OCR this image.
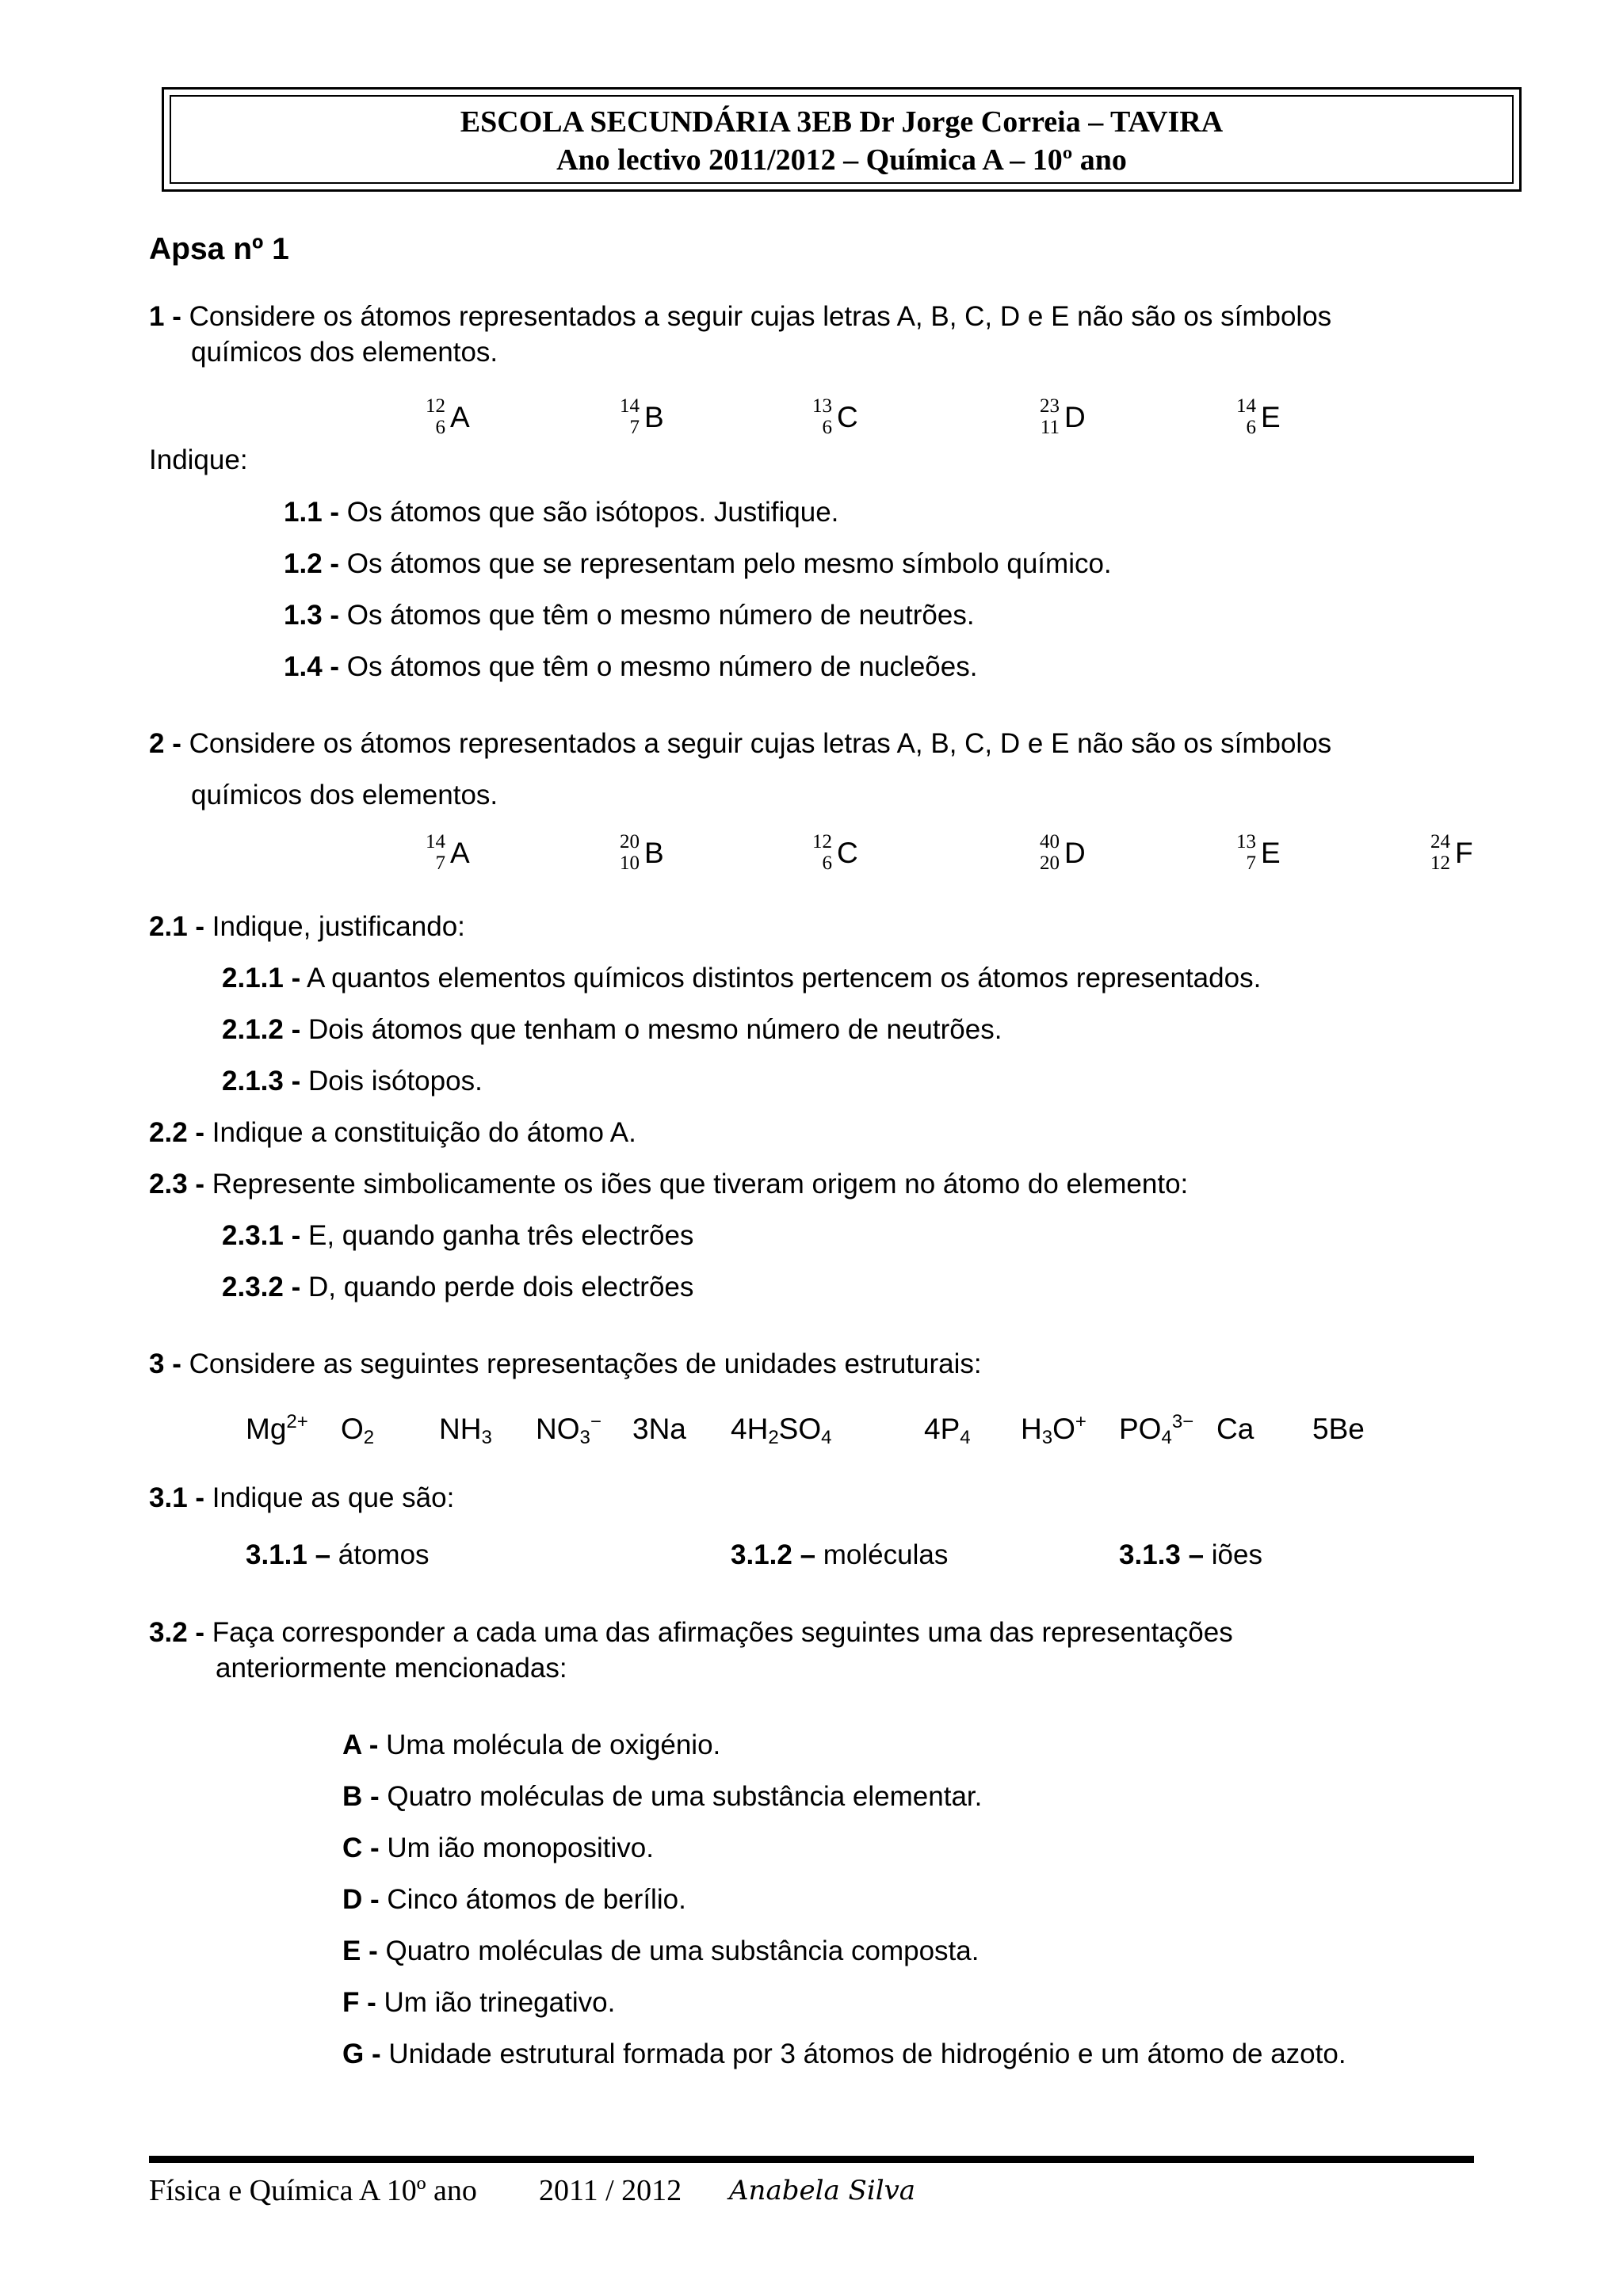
ESCOLA SECUNDÁRIA 3EB Dr Jorge Correia – TAVIRA
Ano lectivo 2011/2012 – Química A – 10º ano
Apsa nº 1
1 - Considere os átomos representados a seguir cujas letras A, B, C, D e E não são os símbolos
químicos dos elementos.
12
6 A	14
7 B	13
6 C	23
11 D	14
6 E
Indique:
1.1 - Os átomos que são isótopos. Justifique.
1.2 - Os átomos que se representam pelo mesmo símbolo químico.
1.3 - Os átomos que têm o mesmo número de neutrões.
1.4 - Os átomos que têm o mesmo número de nucleões.
2 - Considere os átomos representados a seguir cujas letras A, B, C, D e E não são os símbolos
químicos dos elementos.
14
7 A	20
10 B	12
6 C	40
20 D	13
7 E	24
12 F
2.1 - Indique, justificando:
2.1.1 - A quantos elementos químicos distintos pertencem os átomos representados.
2.1.2 - Dois átomos que tenham o mesmo número de neutrões.
2.1.3 - Dois isótopos.
2.2 - Indique a constituição do átomo A.
2.3 - Represente simbolicamente os iões que tiveram origem no átomo do elemento:
2.3.1 - E, quando ganha três electrões
2.3.2 - D, quando perde dois electrões
3 - Considere as seguintes representações de unidades estruturais:
$Mg^{2+}$ $O_2$ $NH_3$ $NO_3^-$ 3Na $4H_2SO_4$	$4P_4$ $H_3O^+$ $PO_4^{3-}$ Ca 5Be
3.1 - Indique as que são:
3.1.1 – átomos	3.1.2 – moléculas	3.1.3 – iões
3.2 - Faça corresponder a cada uma das afirmações seguintes uma das representações
anteriormente mencionadas:
A - Uma molécula de oxigénio.
B - Quatro moléculas de uma substância elementar.
C - Um ião monopositivo.
D - Cinco átomos de berílio.
E - Quatro moléculas de uma substância composta.
F - Um ião trinegativo.
G - Unidade estrutural formada por 3 átomos de hidrogénio e um átomo de azoto.
Física e Química A 10º ano 2011 / 2012 Anabela Silva
